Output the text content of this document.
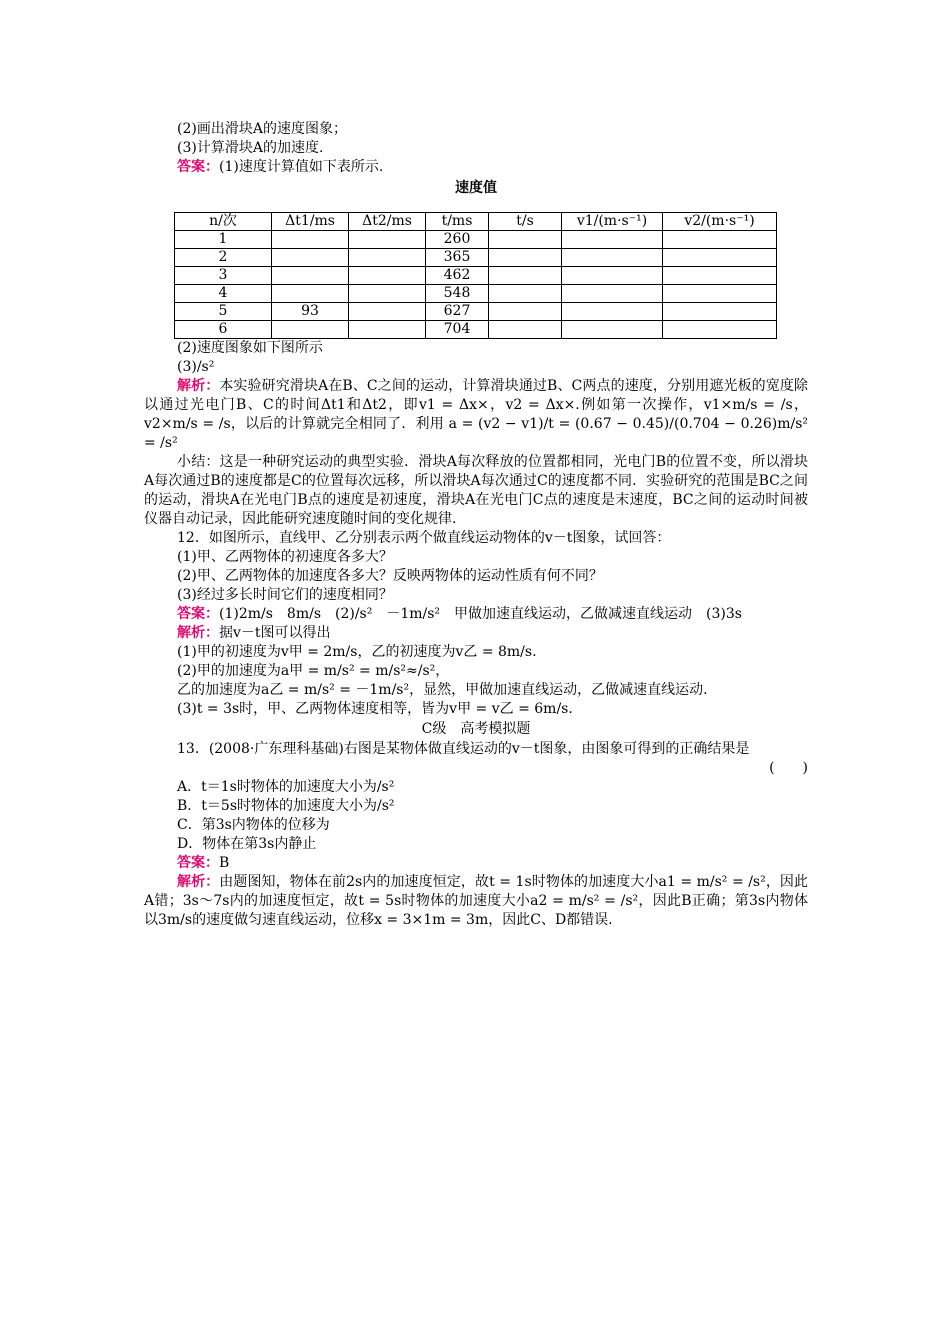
(2)画出滑块A的速度图象；
(3)计算滑块A的加速度.
答案：(1)速度计算值如下表所示.
速度值
n/次	Δt1/ms	Δt2/ms	t/ms	t/s	v1/(m·s⁻¹)	v2/(m·s⁻¹)
1			260			
2			365			
3			462			
4			548			
5	93		627			
6			704			
(2)速度图象如下图所示
(3)/s²
解析：本实验研究滑块A在B、C之间的运动，计算滑块通过B、C两点的速度，分别用遮光板的宽度除以通过光电门B、C的时间Δt1和Δt2，即v1 = Δx×，v2 = Δx×.例如第一次操作，v1×m/s = /s，v2×m/s = /s，以后的计算就完全相同了．利用 a = (v2 − v1)/t = (0.67 − 0.45)/(0.704 − 0.26)m/s² = /s²
小结：这是一种研究运动的典型实验．滑块A每次释放的位置都相同，光电门B的位置不变，所以滑块A每次通过B的速度都是C的位置每次远移，所以滑块A每次通过C的速度都不同．实验研究的范围是BC之间的运动，滑块A在光电门B点的速度是初速度，滑块A在光电门C点的速度是末速度，BC之间的运动时间被仪器自动记录，因此能研究速度随时间的变化规律.
12．如图所示，直线甲、乙分别表示两个做直线运动物体的v－t图象，试回答：
(1)甲、乙两物体的初速度各多大？
(2)甲、乙两物体的加速度各多大？反映两物体的运动性质有何不同？
(3)经过多长时间它们的速度相同？
答案：(1)2m/s　8m/s　(2)/s²　－1m/s²　甲做加速直线运动，乙做减速直线运动　(3)3s
解析：据v－t图可以得出
(1)甲的初速度为v甲 = 2m/s，乙的初速度为v乙 = 8m/s.
(2)甲的加速度为a甲 = m/s² = m/s²≈/s²，
乙的加速度为a乙 = m/s² = －1m/s²，显然，甲做加速直线运动，乙做减速直线运动.
(3)t = 3s时，甲、乙两物体速度相等，皆为v甲 = v乙 = 6m/s.
C级　高考模拟题
13．(2008·广东理科基础)右图是某物体做直线运动的v－t图象，由图象可得到的正确结果是
(　　)
A．t＝1s时物体的加速度大小为/s²
B．t＝5s时物体的加速度大小为/s²
C．第3s内物体的位移为
D．物体在第3s内静止
答案：B
解析：由题图知，物体在前2s内的加速度恒定，故t = 1s时物体的加速度大小a1 = m/s² = /s²，因此A错；3s～7s内的加速度恒定，故t = 5s时物体的加速度大小a2 = m/s² = /s²，因此B正确；第3s内物体以3m/s的速度做匀速直线运动，位移x = 3×1m = 3m，因此C、D都错误.
